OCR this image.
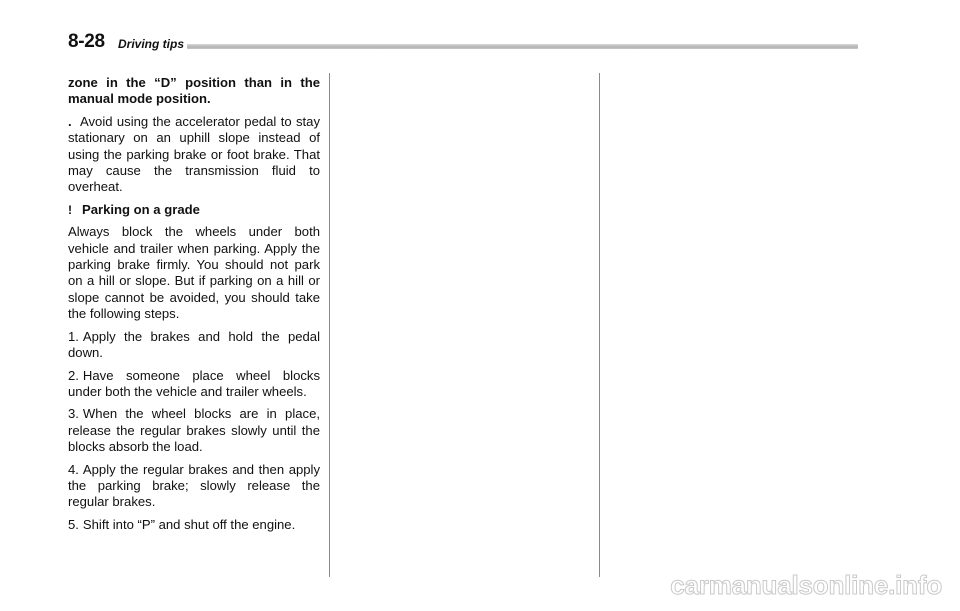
8-28 Driving tips

zone in the “D” position than in the manual mode position.

. Avoid using the accelerator pedal to stay stationary on an uphill slope instead of using the parking brake or foot brake. That may cause the transmission fluid to overheat.

! Parking on a grade

Always block the wheels under both vehicle and trailer when parking. Apply the parking brake firmly. You should not park on a hill or slope. But if parking on a hill or slope cannot be avoided, you should take the following steps.

1. Apply the brakes and hold the pedal down.

2. Have someone place wheel blocks under both the vehicle and trailer wheels.

3. When the wheel blocks are in place, release the regular brakes slowly until the blocks absorb the load.

4. Apply the regular brakes and then apply the parking brake; slowly release the regular brakes.

5. Shift into “P” and shut off the engine.

carmanualsonline.info
